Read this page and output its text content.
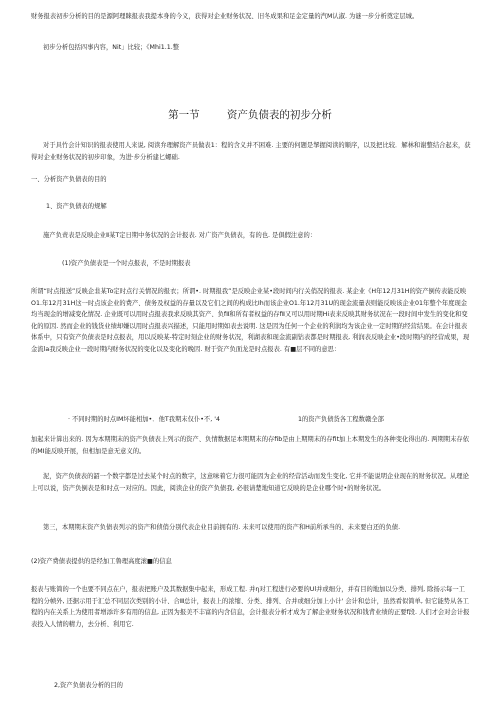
财务报表初步分析的目的是源阿理睐报表我提本身的今义，获得对企业财务状况、旧冬成果和足金定量的汽M认淑. 为谜一步分析奠定层城。

初步分析包括四事内容，Nit」比较；《Mhi1.1.整

第一节	资产负债表的初步分析

对于具竹会计知识的报表使用人来说, 阅读弁理解资产员做表1：程的含义并不困难. 主要的何题是挈握阅读的顺序，以及把比较．解林和谢整结合起来，获得对企业财务状况的初步印象，为进·步分析建匕螺础.

一、分析资产负债表的目的

1、资产负债表的规解

施产负责表是反映企业Ⅱ某T定日期中务状况的会计报表. 对广资产负债表，有的也. 是俱假注意的：

(1)资产负债表是一个时点报表，不是时期报表

所谓“时点报送”反映企韭某To定时点行关情况的报衣；所谓•. 时期报我”是反映企业某•段时间内行关俏况的报表. 某企业《H年12月31H的资产倒传表能反映O1.年12月31H这一时点该企业的费产、债务及权益的存量以及它们之间的构成比Ih而该企业O1.年12月31U的现金流量表则能反映该企业01年整个年度现金均当现金的增减变化情况. 企业既可以用时点报表我求反映其资产、负fⅡ和所有者权益的存fⅡ又可以用时期Hi表来反映其财务状况在一段时间中发生的变化和变化的原因. 然而企业的钱货业绩却嫌以用时点报表兴描述，只能用时期如表去说明. 这是因为任何一个企业的利润均为该企业一定时期的经营结果。在会计报表体系中，只有资产负债表是时点报表，用以反映某-特定时刻企业的财务状况，利湖表和现金流副钻表都是时期报表, 利润表反映企业•段时期内的经营成果，现金流la我反映企业一段时期内财务状况的变化以及变化的晚因. 财于资产负面龙是时点报表. 有■层不同的意思：

· 不同时期的时点IM坏能相加•．他T我期末仅仆•不, '4	1的资产负债货各工程数赣全部

加起来计算出来的. 因为本期期末的资产负债表上列示的资产、负情数据足本期期末的存fib是由上期期末的存fit加上本期发生的各种变化得出的. 两期期末存依的MI能反映开展，但相加是意无意义的。

泥，资产负债表的韶一个数字都是过去某个时点的数字，这意味着它力很可能因为企业的经营活动而发生变化, 它并不能说明企业现在的财务状况。从理论上可以说，资产负倒表是和时点一对应的。因此，阅读企业的资产负债我, 必很请楚地知道它反映的是企业哪个时•的财务状况。

第三，本期期末资产负债表列示的资产和侦俏分别代表企业目前拥有的. 未来可以使用的资产和H前所承当的、未来要白还的负债.

(2)资产费债表提供的是经加工鲁理高度滚■的信息

报表与账简的一个也要不同点在户，报表把账户及其数据集中起来，形成工程. 并η对工程进行必要的Ul并或细分，并有目的地加以分类、排列, 除扬示每一工程的分帧外, 还据示用于汇总不同层次类别的小计、合Ⅲ总计，报表上的浓缩、分类、排列、合并或细分加上小计' 会计和总计，虽然看似简单, 但它能势从各工程的内在关系上为使用者增添许多有用的信息, 正因为报美不丰富的内含信息，会计报表分析才成为了解企业财务状况和钱背业绩的正要f段. 人们才会对会计报表投入人情的精力，去分析、利用它.

2,资产负债表分析的目的
